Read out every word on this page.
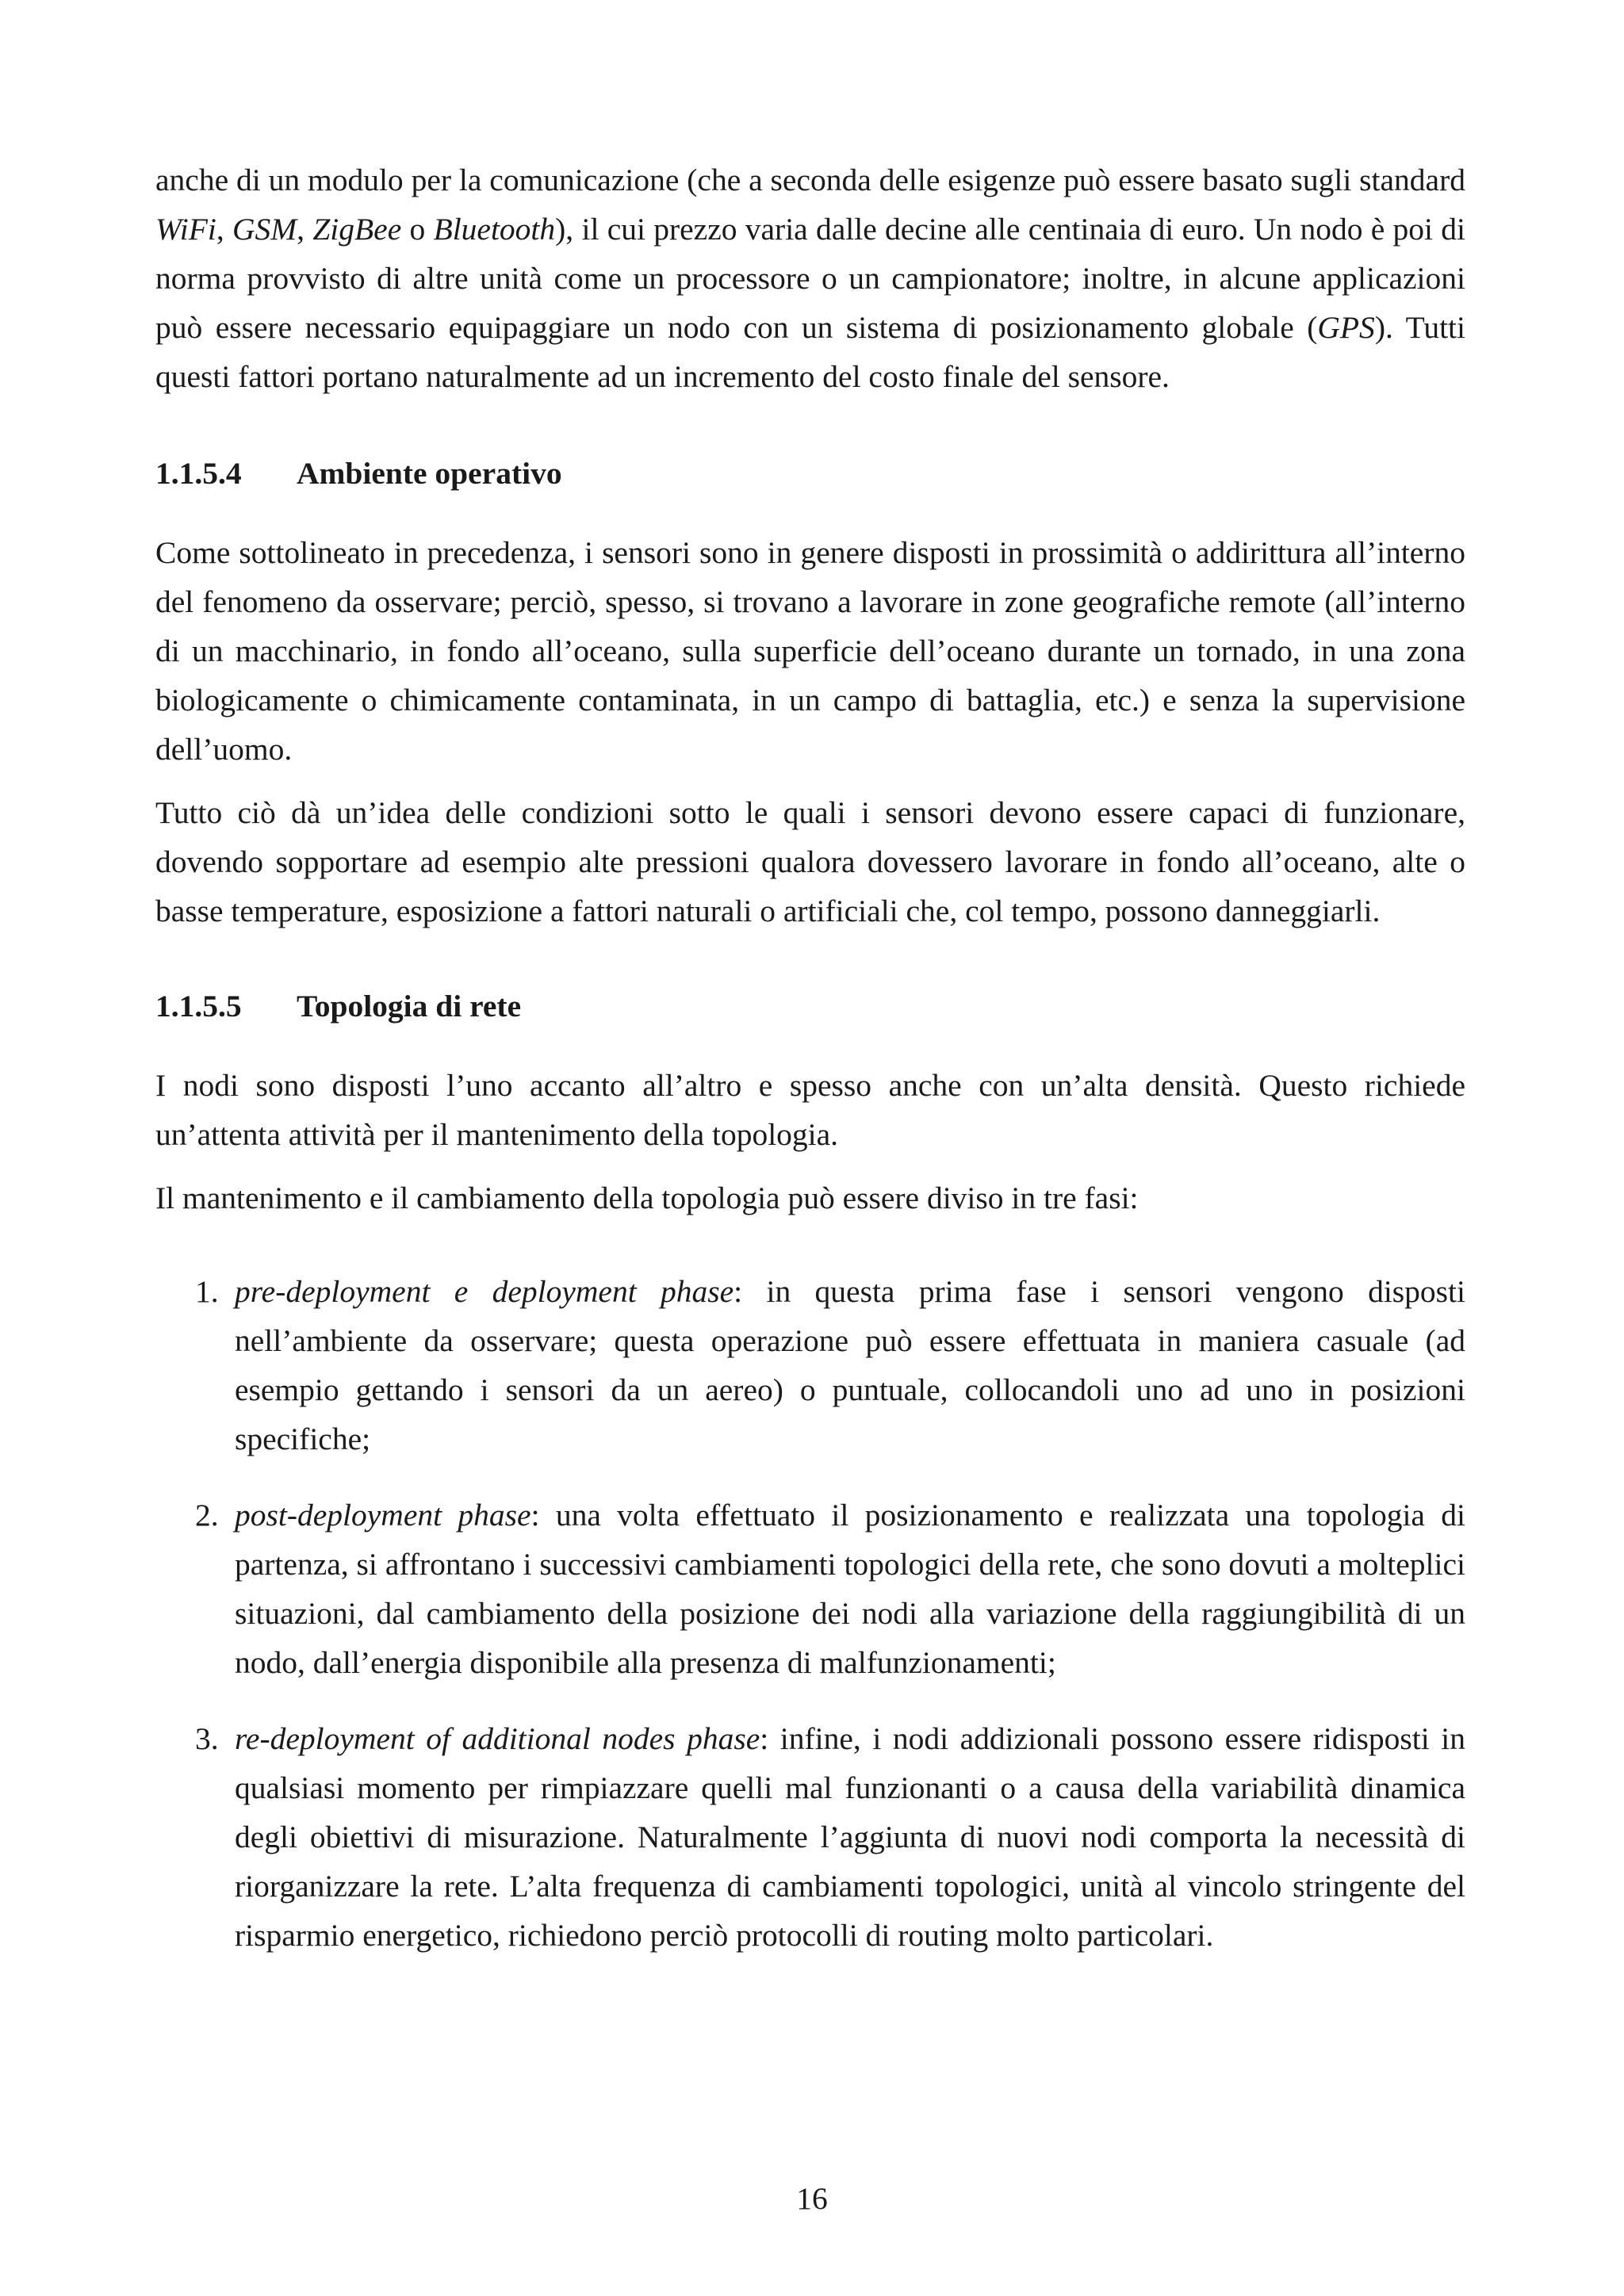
anche di un modulo per la comunicazione (che a seconda delle esigenze può essere basato sugli standard WiFi, GSM, ZigBee o Bluetooth), il cui prezzo varia dalle decine alle centinaia di euro. Un nodo è poi di norma provvisto di altre unità come un processore o un campionatore; inoltre, in alcune applicazioni può essere necessario equipaggiare un nodo con un sistema di posizionamento globale (GPS). Tutti questi fattori portano naturalmente ad un incremento del costo finale del sensore.

1.1.5.4 Ambiente operativo

Come sottolineato in precedenza, i sensori sono in genere disposti in prossimità o addirittura all’interno del fenomeno da osservare; perciò, spesso, si trovano a lavorare in zone geografiche remote (all’interno di un macchinario, in fondo all’oceano, sulla superficie dell’oceano durante un tornado, in una zona biologicamente o chimicamente contaminata, in un campo di battaglia, etc.) e senza la supervisione dell’uomo.

Tutto ciò dà un’idea delle condizioni sotto le quali i sensori devono essere capaci di funzionare, dovendo sopportare ad esempio alte pressioni qualora dovessero lavorare in fondo all’oceano, alte o basse temperature, esposizione a fattori naturali o artificiali che, col tempo, possono danneggiarli.

1.1.5.5 Topologia di rete

I nodi sono disposti l’uno accanto all’altro e spesso anche con un’alta densità. Questo richiede un’attenta attività per il mantenimento della topologia.

Il mantenimento e il cambiamento della topologia può essere diviso in tre fasi:

1. pre-deployment e deployment phase: in questa prima fase i sensori vengono disposti nell’ambiente da osservare; questa operazione può essere effettuata in maniera casuale (ad esempio gettando i sensori da un aereo) o puntuale, collocandoli uno ad uno in posizioni specifiche;

2. post-deployment phase: una volta effettuato il posizionamento e realizzata una topologia di partenza, si affrontano i successivi cambiamenti topologici della rete, che sono dovuti a molteplici situazioni, dal cambiamento della posizione dei nodi alla variazione della raggiungibilità di un nodo, dall’energia disponibile alla presenza di malfunzionamenti;

3. re-deployment of additional nodes phase: infine, i nodi addizionali possono essere ridisposti in qualsiasi momento per rimpiazzare quelli mal funzionanti o a causa della variabilità dinamica degli obiettivi di misurazione. Naturalmente l’aggiunta di nuovi nodi comporta la necessità di riorganizzare la rete. L’alta frequenza di cambiamenti topologici, unità al vincolo stringente del risparmio energetico, richiedono perciò protocolli di routing molto particolari.

16
